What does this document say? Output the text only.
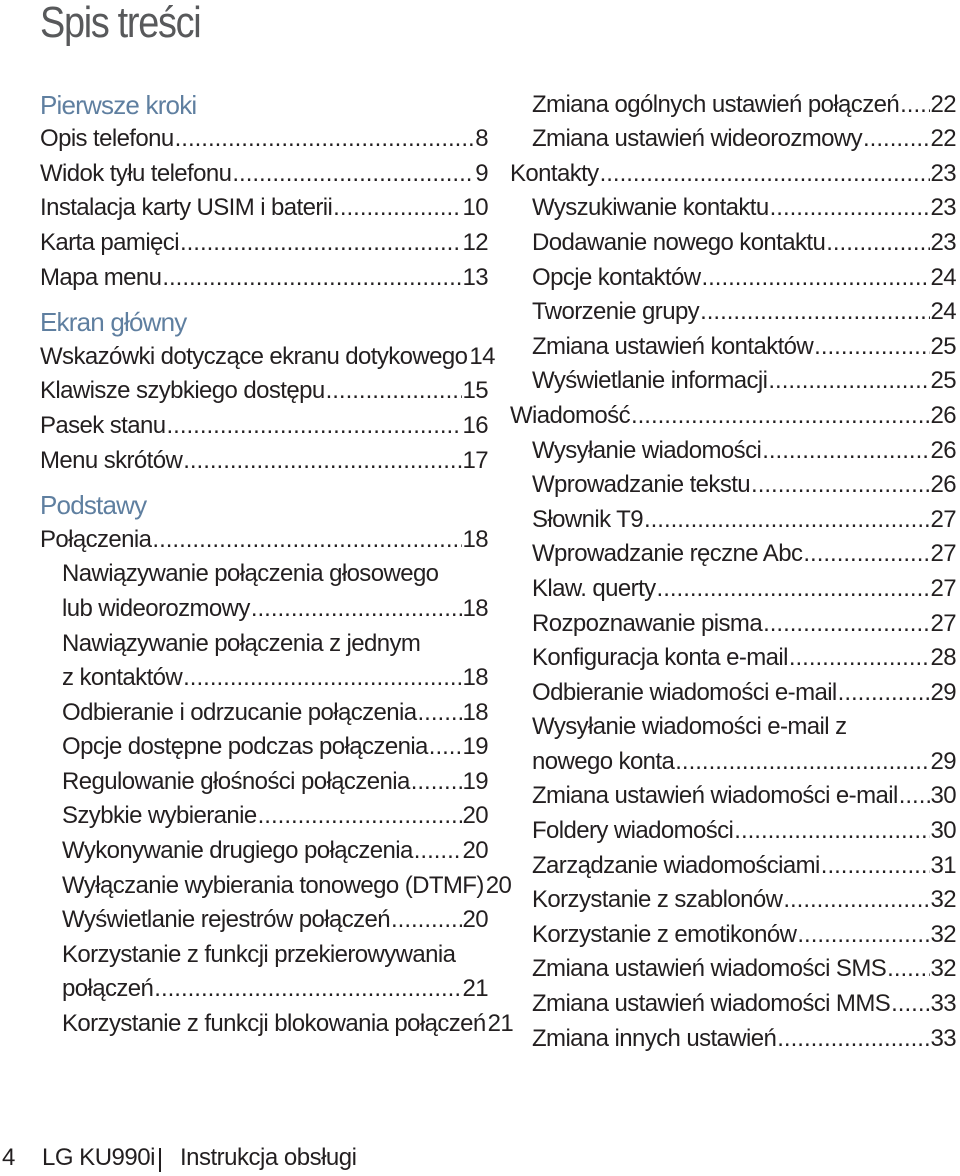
Spis treści
Pierwsze kroki
Opis telefonu .....	8
Widok tyłu telefonu .....	9
Instalacja karty USIM i baterii .....	10
Karta pamięci .....	12
Mapa menu .....	13
Ekran główny
Wskazówki dotyczące ekranu dotykowego 14
Klawisze szybkiego dostępu .....	15
Pasek stanu .....	16
Menu skrótów .....	17
Podstawy
Połączenia .....	18
Nawiązywanie połączenia głosowego
lub wideorozmowy .....	18
Nawiązywanie połączenia z jednym
z kontaktów .....	18
Odbieranie i odrzucanie połączenia ..... 18
Opcje dostępne podczas połączenia ..... 19
Regulowanie głośności połączenia ..... 19
Szybkie wybieranie .....	20
Wykonywanie drugiego połączenia ..... 20
Wyłączanie wybierania tonowego (DTMF) 20
Wyświetlanie rejestrów połączeń .....	20
Korzystanie z funkcji przekierowywania
połączeń .....	21
Korzystanie z funkcji blokowania połączeń 21
Zmiana ogólnych ustawień połączeń ..... 22
Zmiana ustawień wideorozmowy .....	22
Kontakty .....	23
Wyszukiwanie kontaktu .....	23
Dodawanie nowego kontaktu .....	23
Opcje kontaktów .....	24
Tworzenie grupy .....	24
Zmiana ustawień kontaktów .....	25
Wyświetlanie informacji .....	25
Wiadomość .....	26
Wysyłanie wiadomości .....	26
Wprowadzanie tekstu .....	26
Słownik T9 .....	27
Wprowadzanie ręczne Abc .....	27
Klaw. querty .....	27
Rozpoznawanie pisma .....	27
Konfiguracja konta e-mail .....	28
Odbieranie wiadomości e-mail .....	29
Wysyłanie wiadomości e-mail z
nowego konta .....	29
Zmiana ustawień wiadomości e-mail ..... 30
Foldery wiadomości .....	30
Zarządzanie wiadomościami .....	31
Korzystanie z szablonów .....	32
Korzystanie z emotikonów .....	32
Zmiana ustawień wiadomości SMS ..... 32
Zmiana ustawień wiadomości MMS ..... 33
Zmiana innych ustawień .....	33
4 LG KU990i Instrukcja obsługi
